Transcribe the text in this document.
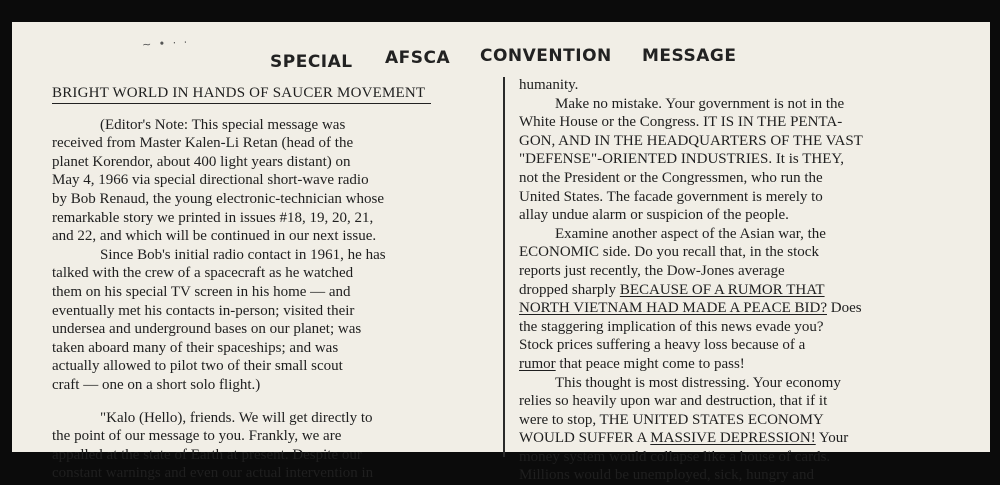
~ • · ·
SPECIAL AFSCA CONVENTION MESSAGE
BRIGHT WORLD IN HANDS OF SAUCER MOVEMENT
(Editor's Note: This special message was
received from Master Kalen-Li Retan (head of the
planet Korendor, about 400 light years distant) on
May 4, 1966 via special directional short-wave radio
by Bob Renaud, the young electronic-technician whose
remarkable story we printed in issues #18, 19, 20, 21,
and 22, and which will be continued in our next issue.
Since Bob's initial radio contact in 1961, he has
talked with the crew of a spacecraft as he watched
them on his special TV screen in his home — and
eventually met his contacts in-person; visited their
undersea and underground bases on our planet; was
taken aboard many of their spaceships; and was
actually allowed to pilot two of their small scout
craft — one on a short solo flight.)
"Kalo (Hello), friends. We will get directly to
the point of our message to you. Frankly, we are
appalled at the state of Earth at present. Despite our
constant warnings and even our actual intervention in
humanity.
Make no mistake. Your government is not in the
White House or the Congress. IT IS IN THE PENTA-
GON, AND IN THE HEADQUARTERS OF THE VAST
"DEFENSE"-ORIENTED INDUSTRIES. It is THEY,
not the President or the Congressmen, who run the
United States. The facade government is merely to
allay undue alarm or suspicion of the people.
Examine another aspect of the Asian war, the
ECONOMIC side. Do you recall that, in the stock
reports just recently, the Dow-Jones average
dropped sharply BECAUSE OF A RUMOR THAT
NORTH VIETNAM HAD MADE A PEACE BID? Does
the staggering implication of this news evade you?
Stock prices suffering a heavy loss because of a
rumor that peace might come to pass!
This thought is most distressing. Your economy
relies so heavily upon war and destruction, that if it
were to stop, THE UNITED STATES ECONOMY
WOULD SUFFER A MASSIVE DEPRESSION! Your
money system would collapse like a house of cards.
Millions would be unemployed, sick, hungry and
